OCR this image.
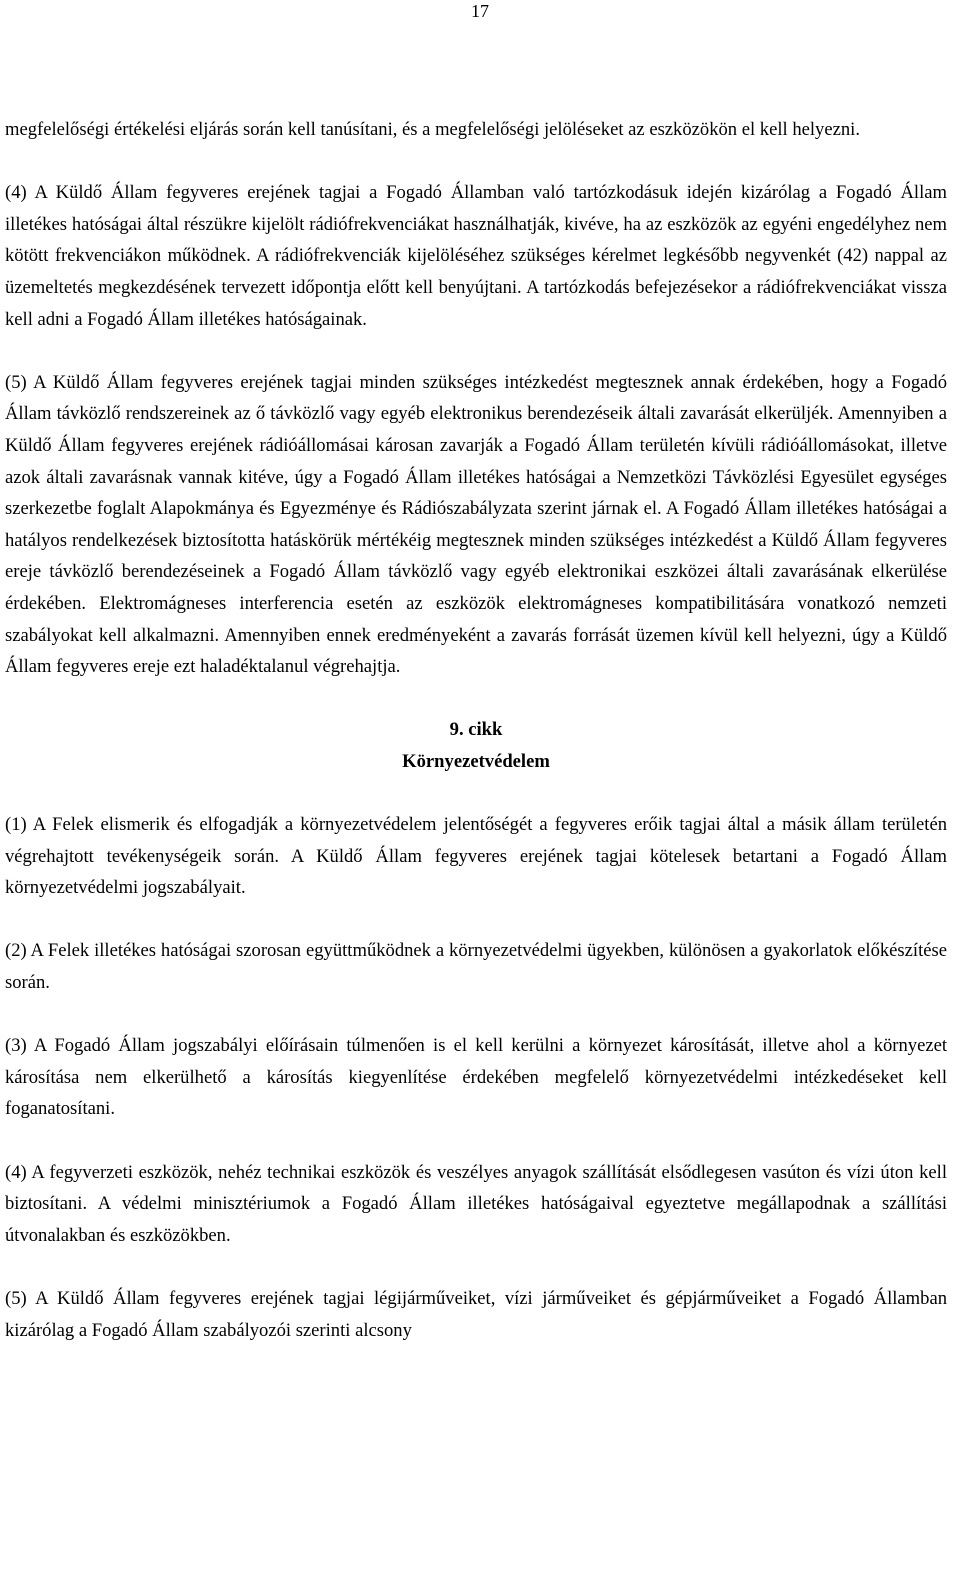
17

megfelelőségi értékelési eljárás során kell tanúsítani, és a megfelelőségi jelöléseket az eszközökön el kell helyezni.

(4) A Küldő Állam fegyveres erejének tagjai a Fogadó Államban való tartózkodásuk idején kizárólag a Fogadó Állam illetékes hatóságai által részükre kijelölt rádiófrekvenciákat használhatják, kivéve, ha az eszközök az egyéni engedélyhez nem kötött frekvenciákon működnek. A rádiófrekvenciák kijelöléséhez szükséges kérelmet legkésőbb negyvenkét (42) nappal az üzemeltetés megkezdésének tervezett időpontja előtt kell benyújtani. A tartózkodás befejezésekor a rádiófrekvenciákat vissza kell adni a Fogadó Állam illetékes hatóságainak.

(5) A Küldő Állam fegyveres erejének tagjai minden szükséges intézkedést megtesznek annak érdekében, hogy a Fogadó Állam távközlő rendszereinek az ő távközlő vagy egyéb elektronikus berendezéseik általi zavarását elkerüljék. Amennyiben a Küldő Állam fegyveres erejének rádióállomásai károsan zavarják a Fogadó Állam területén kívüli rádióállomásokat, illetve azok általi zavarásnak vannak kitéve, úgy a Fogadó Állam illetékes hatóságai a Nemzetközi Távközlési Egyesület egységes szerkezetbe foglalt Alapokmánya és Egyezménye és Rádiószabályzata szerint járnak el. A Fogadó Állam illetékes hatóságai a hatályos rendelkezések biztosította hatáskörük mértékéig megtesznek minden szükséges intézkedést a Küldő Állam fegyveres ereje távközlő berendezéseinek a Fogadó Állam távközlő vagy egyéb elektronikai eszközei általi zavarásának elkerülése érdekében. Elektromágneses interferencia esetén az eszközök elektromágneses kompatibilitására vonatkozó nemzeti szabályokat kell alkalmazni. Amennyiben ennek eredményeként a zavarás forrását üzemen kívül kell helyezni, úgy a Küldő Állam fegyveres ereje ezt haladéktalanul végrehajtja.

9. cikk
Környezetvédelem

(1) A Felek elismerik és elfogadják a környezetvédelem jelentőségét a fegyveres erőik tagjai által a másik állam területén végrehajtott tevékenységeik során. A Küldő Állam fegyveres erejének tagjai kötelesek betartani a Fogadó Állam környezetvédelmi jogszabályait.

(2) A Felek illetékes hatóságai szorosan együttműködnek a környezetvédelmi ügyekben, különösen a gyakorlatok előkészítése során.

(3) A Fogadó Állam jogszabályi előírásain túlmenően is el kell kerülni a környezet károsítását, illetve ahol a környezet károsítása nem elkerülhető a károsítás kiegyenlítése érdekében megfelelő környezetvédelmi intézkedéseket kell foganatosítani.

(4) A fegyverzeti eszközök, nehéz technikai eszközök és veszélyes anyagok szállítását elsődlegesen vasúton és vízi úton kell biztosítani. A védelmi minisztériumok a Fogadó Állam illetékes hatóságaival egyeztetve megállapodnak a szállítási útvonalakban és eszközökben.

(5) A Küldő Állam fegyveres erejének tagjai légijárműveiket, vízi járműveiket és gépjárműveiket a Fogadó Államban kizárólag a Fogadó Állam szabályozói szerinti alcsony
